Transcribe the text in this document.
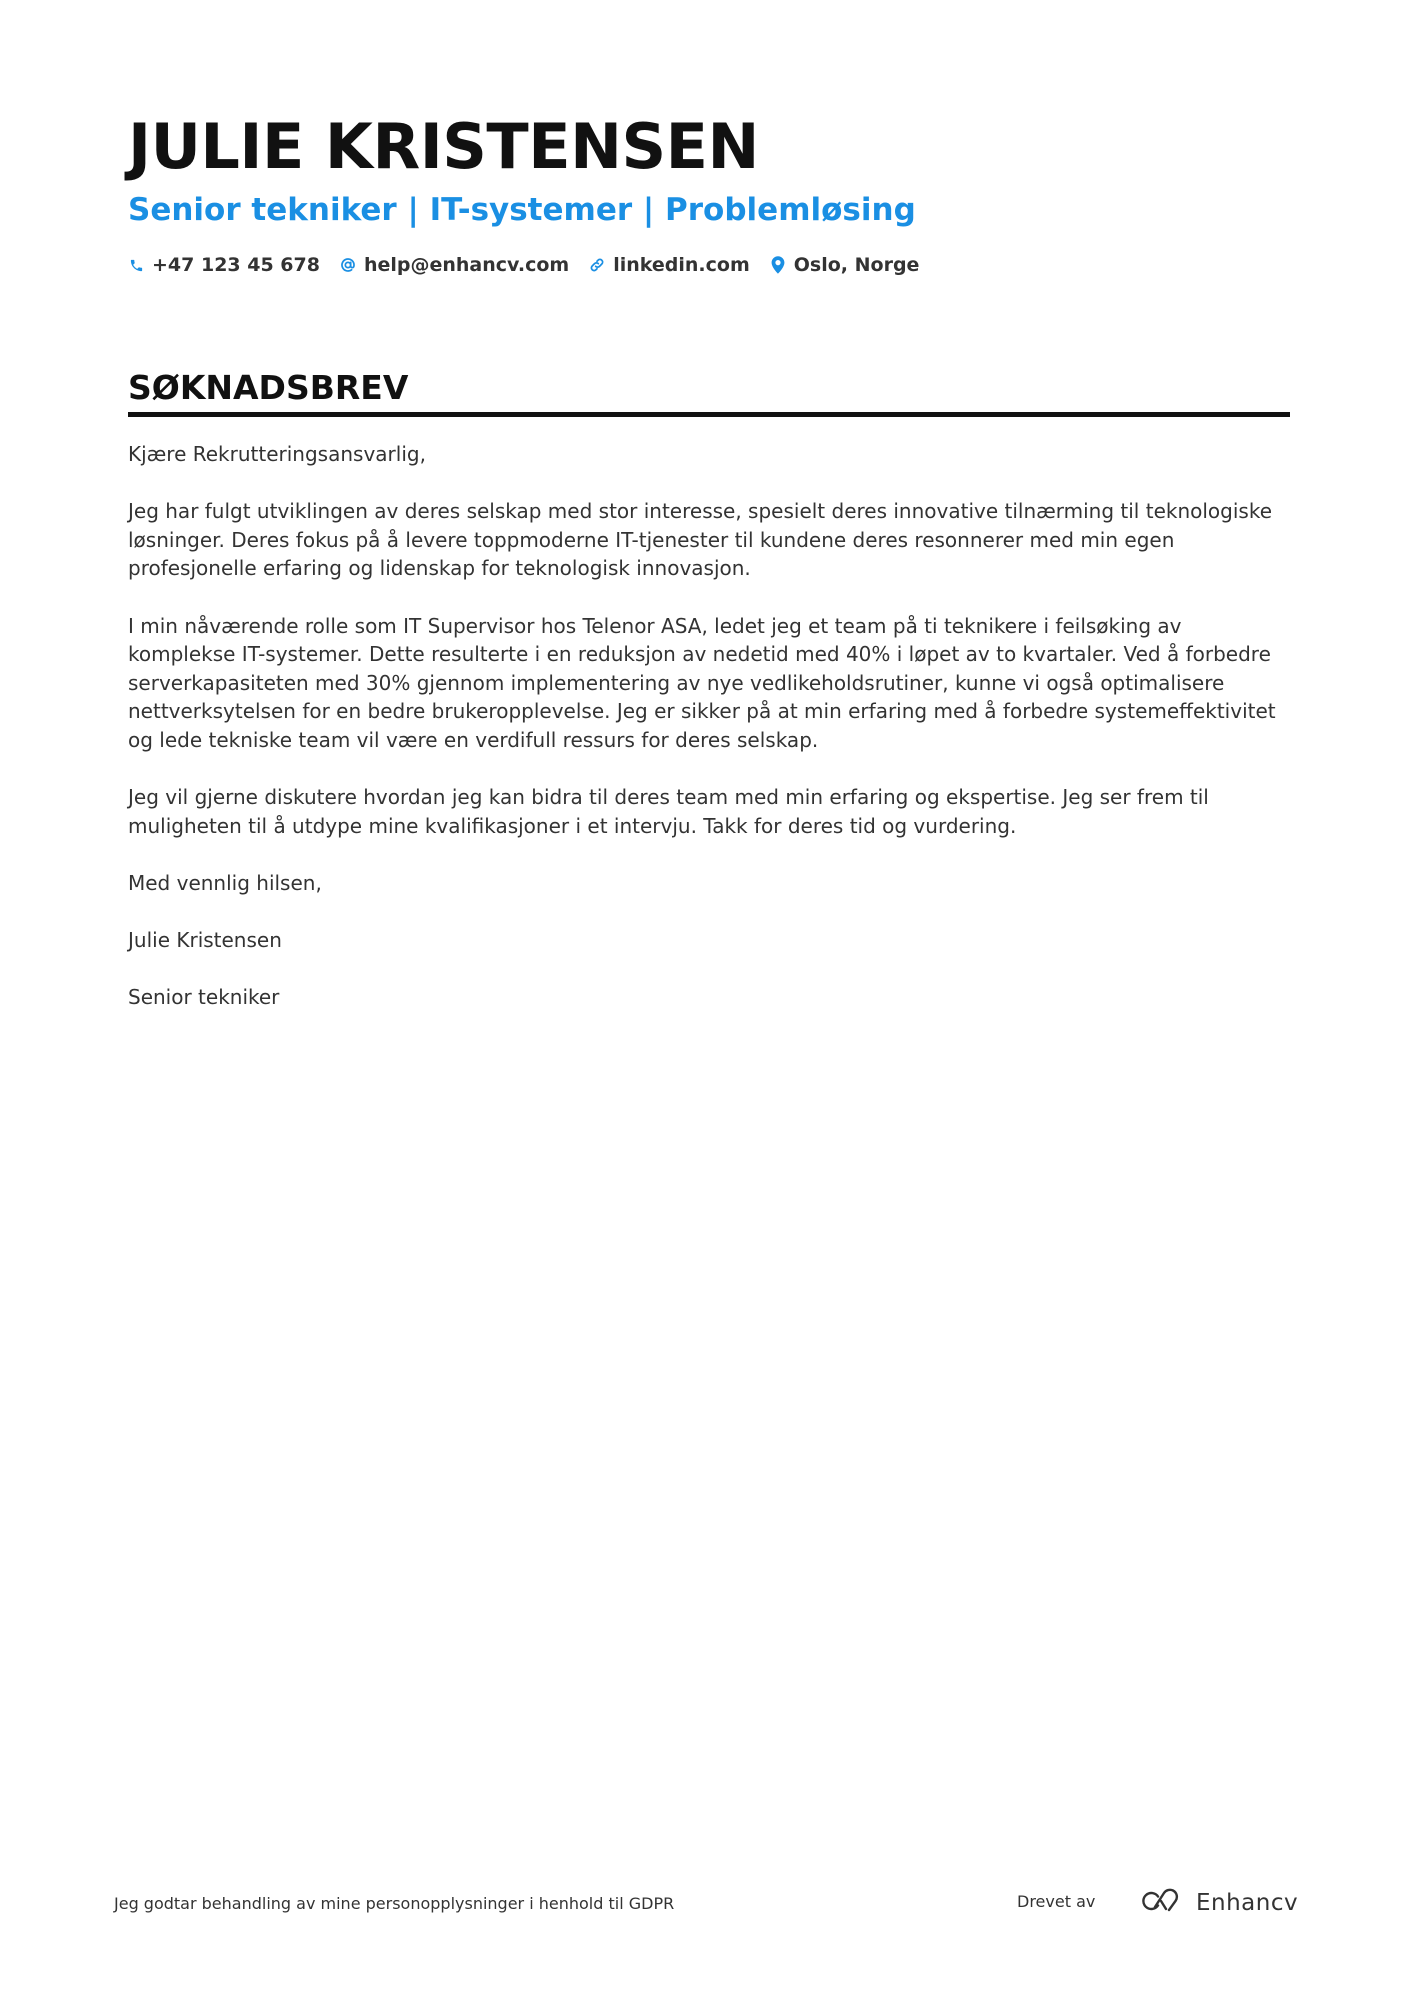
JULIE KRISTENSEN
Senior tekniker | IT-systemer | Problemløsing
+47 123 45 678 help@enhancv.com linkedin.com Oslo, Norge
SØKNADSBREV

Kjære Rekrutteringsansvarlig,

Jeg har fulgt utviklingen av deres selskap med stor interesse, spesielt deres innovative tilnærming til teknologiske løsninger. Deres fokus på å levere toppmoderne IT-tjenester til kundene deres resonnerer med min egen profesjonelle erfaring og lidenskap for teknologisk innovasjon.

I min nåværende rolle som IT Supervisor hos Telenor ASA, ledet jeg et team på ti teknikere i feilsøking av komplekse IT-systemer. Dette resulterte i en reduksjon av nedetid med 40% i løpet av to kvartaler. Ved å forbedre serverkapasiteten med 30% gjennom implementering av nye vedlikeholdsrutiner, kunne vi også optimalisere nettverksytelsen for en bedre brukeropplevelse. Jeg er sikker på at min erfaring med å forbedre systemeffektivitet og lede tekniske team vil være en verdifull ressurs for deres selskap.

Jeg vil gjerne diskutere hvordan jeg kan bidra til deres team med min erfaring og ekspertise. Jeg ser frem til muligheten til å utdype mine kvalifikasjoner i et intervju. Takk for deres tid og vurdering.

Med vennlig hilsen,

Julie Kristensen

Senior tekniker

Jeg godtar behandling av mine personopplysninger i henhold til GDPR	Drevet av	Enhancv
